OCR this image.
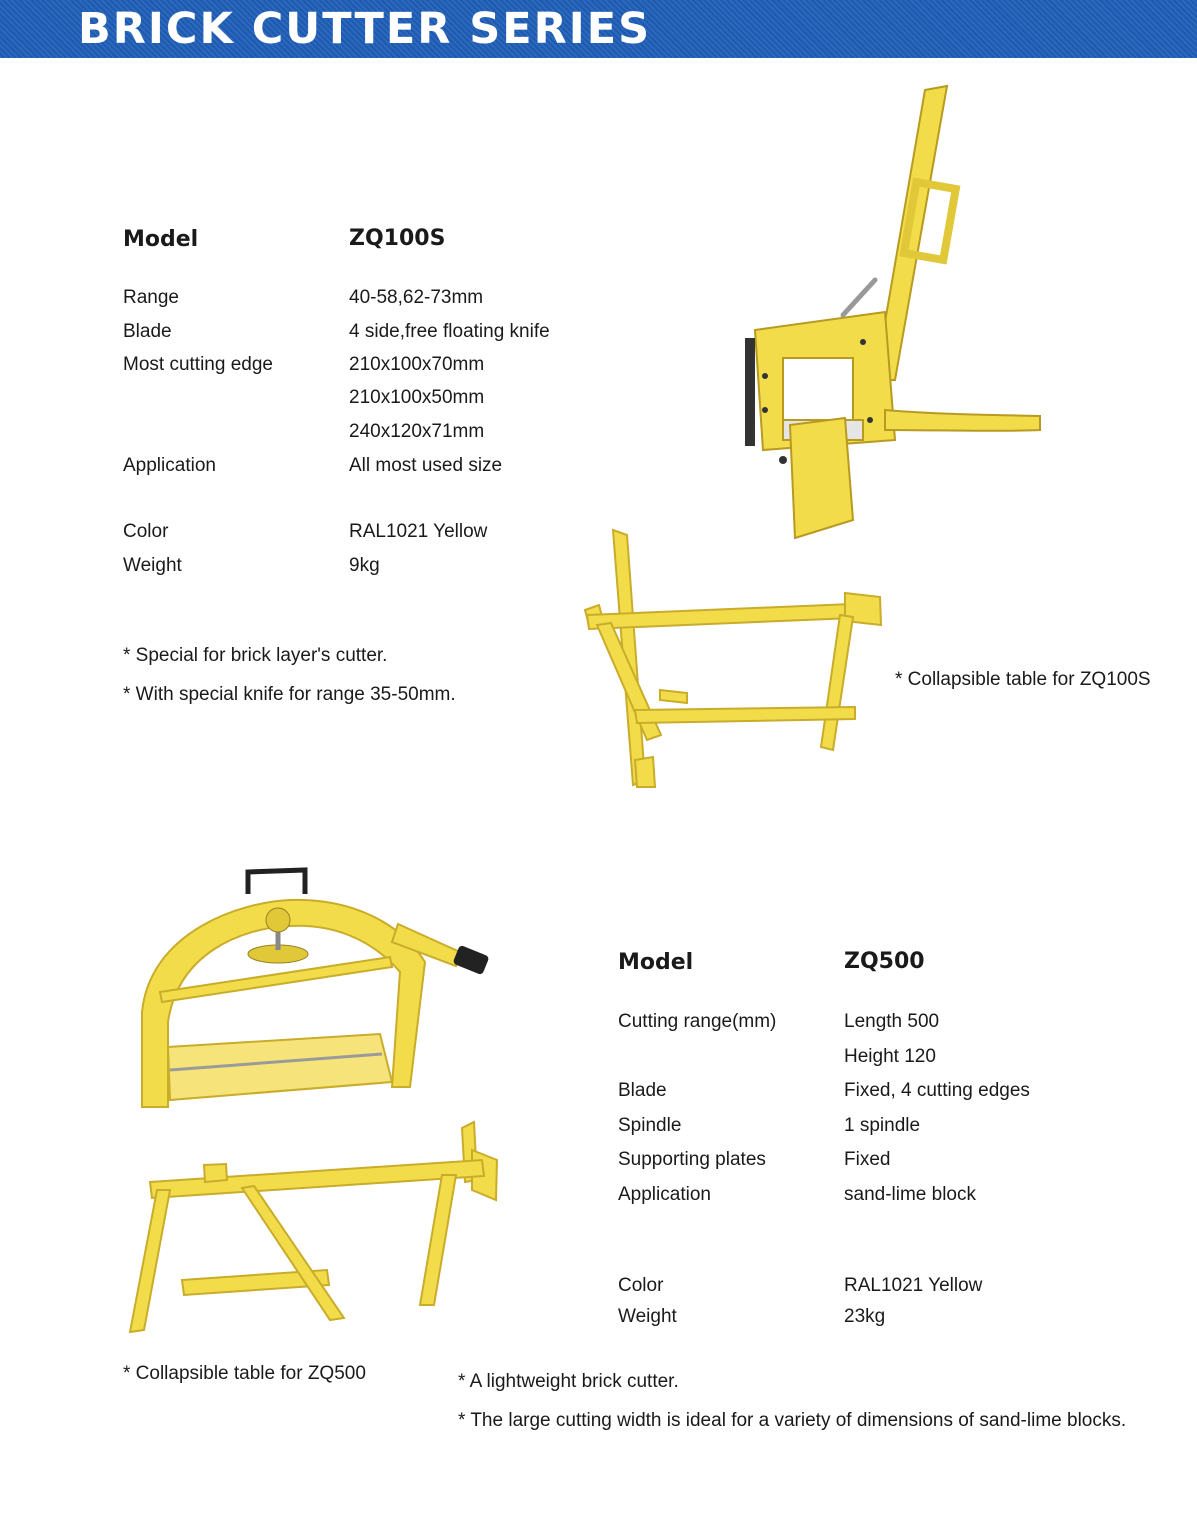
BRICK CUTTER SERIES
Model	ZQ100S
Range	40-58,62-73mm
Blade	4 side,free floating knife
Most cutting edge	210x100x70mm
210x100x50mm
240x120x71mm
Application	All most used size
Color	RAL1021 Yellow
Weight	9kg
* Special for brick layer's cutter.
* With special knife for range 35-50mm.
* Collapsible table for ZQ100S
Model	ZQ500
Cutting range(mm)	Length 500
Height 120
Blade	Fixed, 4 cutting edges
Spindle	1 spindle
Supporting plates	Fixed
Application	sand-lime block
Color	RAL1021 Yellow
Weight	23kg
* Collapsible table for ZQ500	* A lightweight brick cutter.
* The large cutting width is ideal for a variety of dimensions of sand-lime blocks.
